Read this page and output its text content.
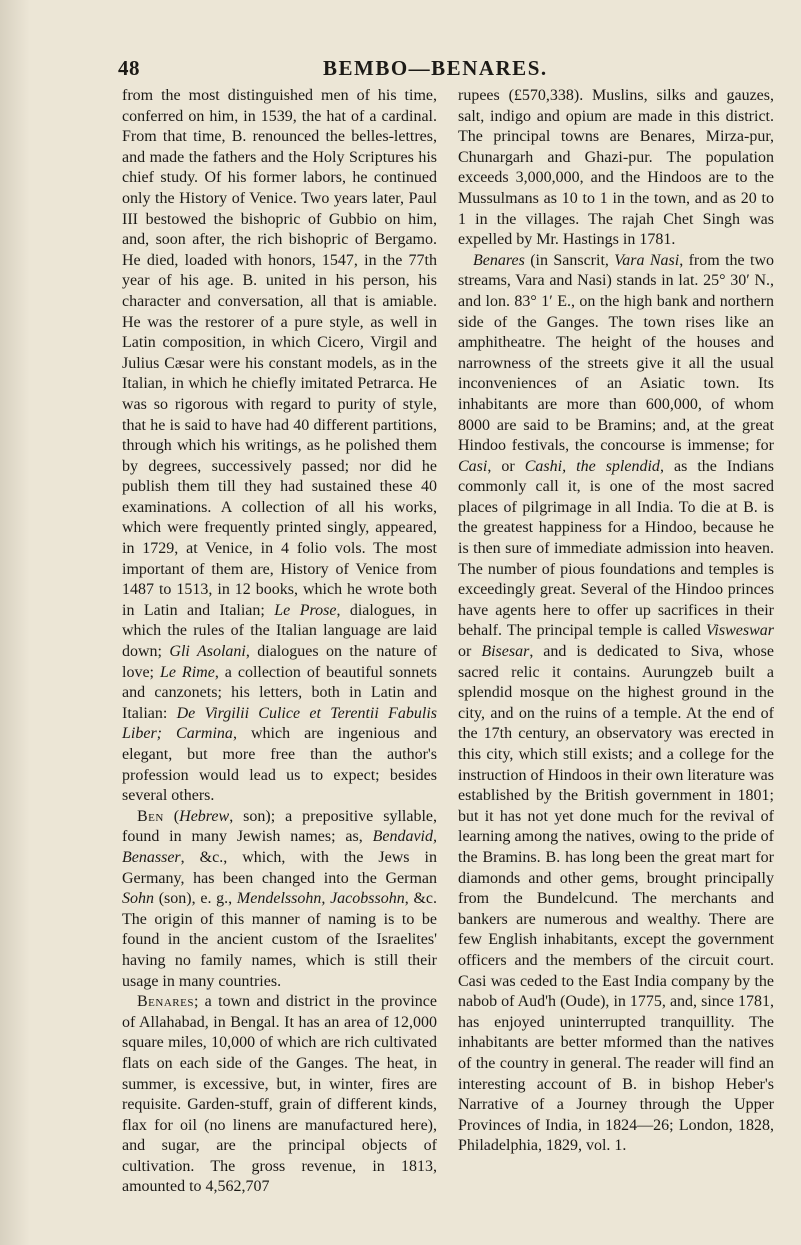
48	BEMBO—BENARES.

from the most distinguished men of his time, conferred on him, in 1539, the hat of a cardinal. From that time, B. renounced the belles-lettres, and made the fathers and the Holy Scriptures his chief study. Of his former labors, he continued only the History of Venice. Two years later, Paul III bestowed the bishopric of Gubbio on him, and, soon after, the rich bishopric of Bergamo. He died, loaded with honors, 1547, in the 77th year of his age. B. united in his person, his character and conversation, all that is amiable. He was the restorer of a pure style, as well in Latin composition, in which Cicero, Virgil and Julius Cæsar were his constant models, as in the Italian, in which he chiefly imitated Petrarca. He was so rigorous with regard to purity of style, that he is said to have had 40 different partitions, through which his writings, as he polished them by degrees, successively passed; nor did he publish them till they had sustained these 40 examinations. A collection of all his works, which were frequently printed singly, appeared, in 1729, at Venice, in 4 folio vols. The most important of them are, History of Venice from 1487 to 1513, in 12 books, which he wrote both in Latin and Italian; Le Prose, dialogues, in which the rules of the Italian language are laid down; Gli Asolani, dialogues on the nature of love; Le Rime, a collection of beautiful sonnets and canzonets; his letters, both in Latin and Italian: De Virgilii Culice et Terentii Fabulis Liber; Carmina, which are ingenious and elegant, but more free than the author's profession would lead us to expect; besides several others.

Ben (Hebrew, son); a prepositive syllable, found in many Jewish names; as, Bendavid, Benasser, &c., which, with the Jews in Germany, has been changed into the German Sohn (son), e. g., Mendelssohn, Jacobssohn, &c. The origin of this manner of naming is to be found in the ancient custom of the Israelites' having no family names, which is still their usage in many countries.

Benares; a town and district in the province of Allahabad, in Bengal. It has an area of 12,000 square miles, 10,000 of which are rich cultivated flats on each side of the Ganges. The heat, in summer, is excessive, but, in winter, fires are requisite. Garden-stuff, grain of different kinds, flax for oil (no linens are manufactured here), and sugar, are the principal objects of cultivation. The gross revenue, in 1813, amounted to 4,562,707

rupees (£570,338). Muslins, silks and gauzes, salt, indigo and opium are made in this district. The principal towns are Benares, Mirza-pur, Chunargarh and Ghazi-pur. The population exceeds 3,000,000, and the Hindoos are to the Mussulmans as 10 to 1 in the town, and as 20 to 1 in the villages. The rajah Chet Singh was expelled by Mr. Hastings in 1781.

Benares (in Sanscrit, Vara Nasi, from the two streams, Vara and Nasi) stands in lat. 25° 30′ N., and lon. 83° 1′ E., on the high bank and northern side of the Ganges. The town rises like an amphitheatre. The height of the houses and narrowness of the streets give it all the usual inconveniences of an Asiatic town. Its inhabitants are more than 600,000, of whom 8000 are said to be Bramins; and, at the great Hindoo festivals, the concourse is immense; for Casi, or Cashi, the splendid, as the Indians commonly call it, is one of the most sacred places of pilgrimage in all India. To die at B. is the greatest happiness for a Hindoo, because he is then sure of immediate admission into heaven. The number of pious foundations and temples is exceedingly great. Several of the Hindoo princes have agents here to offer up sacrifices in their behalf. The principal temple is called Visweswar or Bisesar, and is dedicated to Siva, whose sacred relic it contains. Aurungzeb built a splendid mosque on the highest ground in the city, and on the ruins of a temple. At the end of the 17th century, an observatory was erected in this city, which still exists; and a college for the instruction of Hindoos in their own literature was established by the British government in 1801; but it has not yet done much for the revival of learning among the natives, owing to the pride of the Bramins. B. has long been the great mart for diamonds and other gems, brought principally from the Bundelcund. The merchants and bankers are numerous and wealthy. There are few English inhabitants, except the government officers and the members of the circuit court. Casi was ceded to the East India company by the nabob of Aud'h (Oude), in 1775, and, since 1781, has enjoyed uninterrupted tranquillity. The inhabitants are better mformed than the natives of the country in general. The reader will find an interesting account of B. in bishop Heber's Narrative of a Journey through the Upper Provinces of India, in 1824—26; London, 1828, Philadelphia, 1829, vol. 1.
